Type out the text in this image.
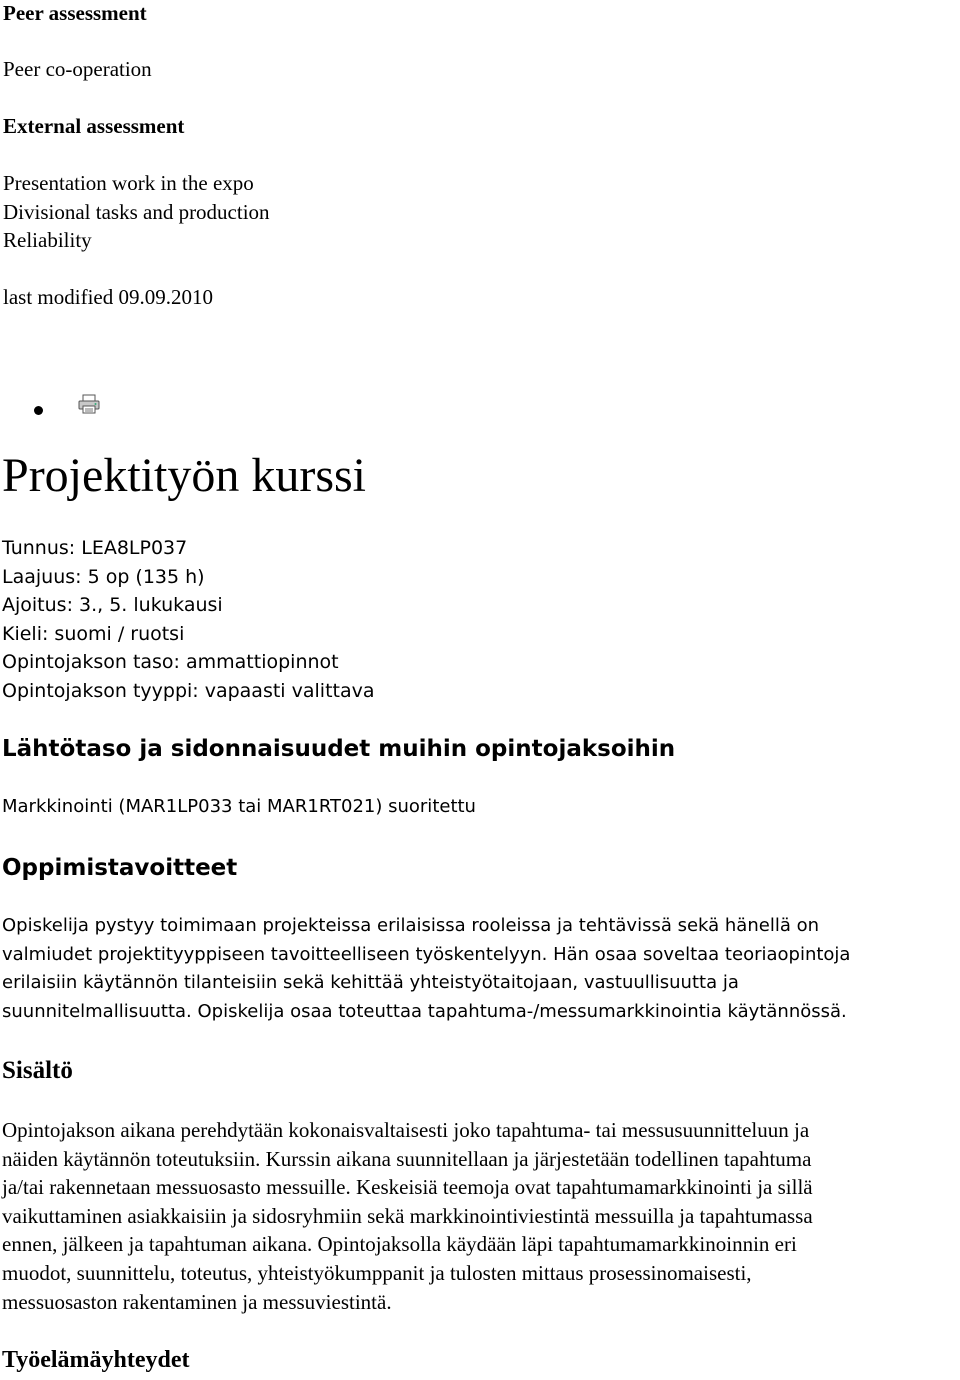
Peer assessment

Peer co-operation

External assessment

Presentation work in the expo

Divisional tasks and production

Reliability

last modified 09.09.2010

Projektityön kurssi

Tunnus: LEA8LP037

Laajuus: 5 op (135 h)

Ajoitus: 3., 5. lukukausi

Kieli: suomi / ruotsi

Opintojakson taso: ammattiopinnot

Opintojakson tyyppi: vapaasti valittava

Lähtötaso ja sidonnaisuudet muihin opintojaksoihin

Markkinointi (MAR1LP033 tai MAR1RT021) suoritettu

Oppimistavoitteet
Opiskelija pystyy toimimaan projekteissa erilaisissa rooleissa ja tehtävissä sekä hänellä on
valmiudet projektityyppiseen tavoitteelliseen työskentelyyn. Hän osaa soveltaa teoriaopintoja
erilaisiin käytännön tilanteisiin sekä kehittää yhteistyötaitojaan, vastuullisuutta ja
suunnitelmallisuutta. Opiskelija osaa toteuttaa tapahtuma-/messumarkkinointia käytännössä.
Sisältö
Opintojakson aikana perehdytään kokonaisvaltaisesti joko tapahtuma- tai messusuunnitteluun ja
näiden käytännön toteutuksiin. Kurssin aikana suunnitellaan ja järjestetään todellinen tapahtuma
ja/tai rakennetaan messuosasto messuille. Keskeisiä teemoja ovat tapahtumamarkkinointi ja sillä
vaikuttaminen asiakkaisiin ja sidosryhmiin sekä markkinointiviestintä messuilla ja tapahtumassa
ennen, jälkeen ja tapahtuman aikana. Opintojaksolla käydään läpi tapahtumamarkkinoinnin eri
muodot, suunnittelu, toteutus, yhteistyökumppanit ja tulosten mittaus prosessinomaisesti,
messuosaston rakentaminen ja messuviestintä.
Työelämäyhteydet
